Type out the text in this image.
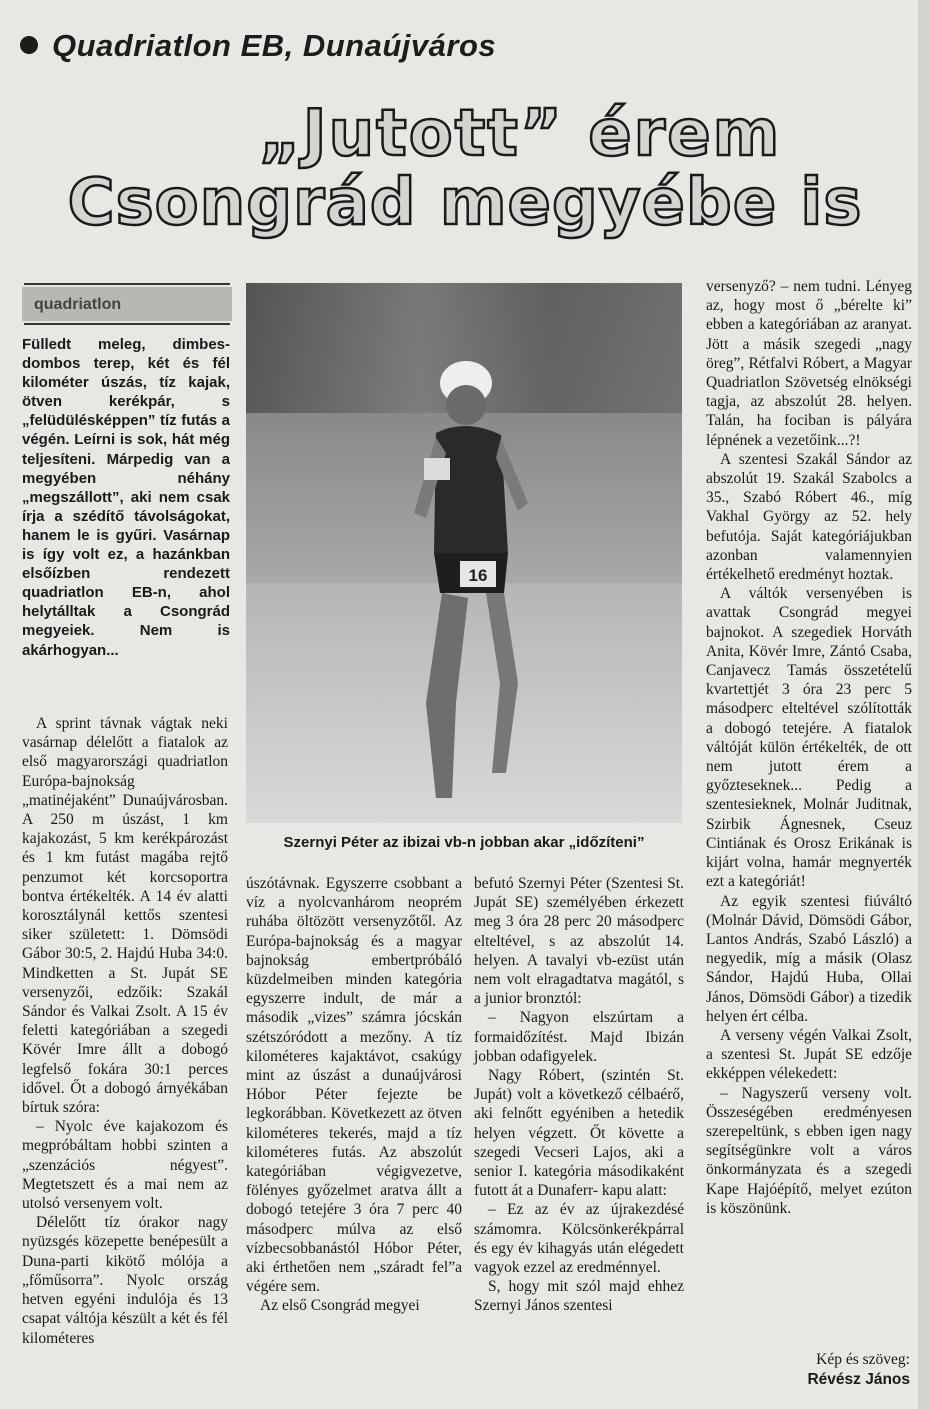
Quadriatlon EB, Dunaújváros
„Jutott” érem
Csongrád megyébe is
quadriatlon
Fülledt meleg, dimbes-dombos terep, két és fél kilométer úszás, tíz kajak, ötven kerékpár, s „felüdülésképpen” tíz futás a végén. Leírni is sok, hát még teljesíteni. Márpedig van a megyében néhány „megszállott”, aki nem csak írja a szédítő távolságokat, hanem le is gyűri. Vasárnap is így volt ez, a hazánkban elsőízben rendezett quadriatlon EB-n, ahol helytálltak a Csongrád megyeiek. Nem is akárhogyan...

A sprint távnak vágtak neki vasárnap délelőtt a fiatalok az első magyarországi quadriatlon Európa-bajnokság „matinéjaként” Dunaújvárosban. A 250 m úszást, 1 km kajakozást, 5 km kerékpározást és 1 km futást magába rejtő penzumot két korcsoportra bontva értékelték. A 14 év alatti korosztálynál kettős szentesi siker született: 1. Dömsödi Gábor 30:5, 2. Hajdú Huba 34:0. Mindketten a St. Jupát SE versenyzői, edzőik: Szakál Sándor és Valkai Zsolt. A 15 év feletti kategóriában a szegedi Kövér Imre állt a dobogó legfelső fokára 30:1 perces idővel. Őt a dobogó árnyékában bírtuk szóra:

– Nyolc éve kajakozom és megpróbáltam hobbi szinten a „szenzációs négyest”. Megtetszett és a mai nem az utolsó versenyem volt.

Délelőtt tíz órakor nagy nyüzsgés közepette benépesült a Duna-parti kikötő mólója a „főműsorra”. Nyolc ország hetven egyéni indulója és 13 csapat váltója készült a két és fél kilométeres

16
Szernyi Péter az ibizai vb-n jobban akar „időzíteni”

úszótávnak. Egyszerre csobbant a víz a nyolcvanhárom neoprém ruhába öltözött versenyzőtől. Az Európa-bajnokság és a magyar bajnokság embertpróbáló küzdelmeiben minden kategória egyszerre indult, de már a második „vizes” számra jócskán szétszóródott a mezőny. A tíz kilométeres kajaktávot, csakúgy mint az úszást a dunaújvárosi Hóbor Péter fejezte be legkorábban. Következett az ötven kilométeres tekerés, majd a tíz kilométeres futás. Az abszolút kategóriában végigvezetve, fölényes győzelmet aratva állt a dobogó tetejére 3 óra 7 perc 40 másodperc múlva az első vízbecsobbanástól Hóbor Péter, aki érthetően nem „száradt fel”a végére sem.

Az első Csongrád megyei

befutó Szernyi Péter (Szentesi St. Jupát SE) személyében érkezett meg 3 óra 28 perc 20 másodperc elteltével, s az abszolút 14. helyen. A tavalyi vb-ezüst után nem volt elragadtatva magától, s a junior bronztól:

– Nagyon elszúrtam a formaidőzítést. Majd Ibizán jobban odafigyelek.

Nagy Róbert, (szintén St. Jupát) volt a következő célbaérő, aki felnőtt egyéniben a hetedik helyen végzett. Őt követte a szegedi Vecseri Lajos, aki a senior I. kategória másodikaként futott át a Dunaferr- kapu alatt:

– Ez az év az újrakezdésé számomra. Kölcsönkerékpárral és egy év kihagyás után elégedett vagyok ezzel az eredménnyel.

S, hogy mit szól majd ehhez Szernyi János szentesi

versenyző? – nem tudni. Lényeg az, hogy most ő „bérelte ki” ebben a kategóriában az aranyat. Jött a másik szegedi „nagy öreg”, Rétfalvi Róbert, a Magyar Quadriatlon Szövetség elnökségi tagja, az abszolút 28. helyen. Talán, ha fociban is pályára lépnének a vezetőink...?!

A szentesi Szakál Sándor az abszolút 19. Szakál Szabolcs a 35., Szabó Róbert 46., míg Vakhal György az 52. hely befutója. Saját kategóriájukban azonban valamennyien értékelhető eredményt hoztak.

A váltók versenyében is avattak Csongrád megyei bajnokot. A szegediek Horváth Anita, Kövér Imre, Zántó Csaba, Canjavecz Tamás összetételű kvartettjét 3 óra 23 perc 5 másodperc elteltével szólították a dobogó tetejére. A fiatalok váltóját külön értékelték, de ott nem jutott érem a győzteseknek... Pedig a szentesieknek, Molnár Juditnak, Szirbik Ágnesnek, Cseuz Cintiának és Orosz Erikának is kijárt volna, hamár megnyerték ezt a kategóriát!

Az egyik szentesi fiúváltó (Molnár Dávid, Dömsödi Gábor, Lantos András, Szabó László) a negyedik, míg a másik (Olasz Sándor, Hajdú Huba, Ollai János, Dömsödi Gábor) a tizedik helyen ért célba.

A verseny végén Valkai Zsolt, a szentesi St. Jupát SE edzője ekképpen vélekedett:

– Nagyszerű verseny volt. Összeségében eredményesen szerepeltünk, s ebben igen nagy segítségünkre volt a város önkormányzata és a szegedi Kape Hajóépítő, melyet ezúton is köszönünk.

Kép és szöveg:
Révész János
